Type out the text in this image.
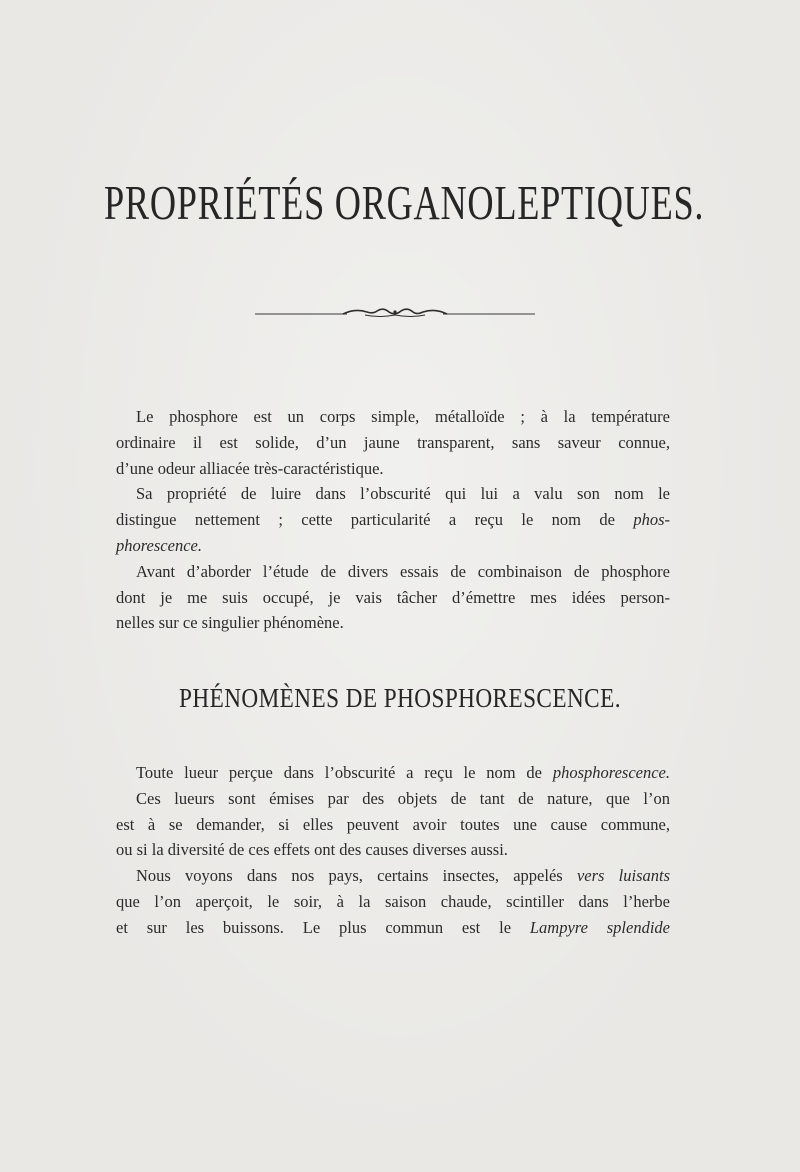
PROPRIÉTÉS ORGANOLEPTIQUES.
Le phosphore est un corps simple, métalloïde ; à la température
ordinaire il est solide, d’un jaune transparent, sans saveur connue,
d’une odeur alliacée très-caractéristique.
Sa propriété de luire dans l’obscurité qui lui a valu son nom le
distingue nettement ; cette particularité a reçu le nom de phos-
phorescence.
Avant d’aborder l’étude de divers essais de combinaison de phosphore
dont je me suis occupé, je vais tâcher d’émettre mes idées person-
nelles sur ce singulier phénomène.
PHÉNOMÈNES DE PHOSPHORESCENCE.
Toute lueur perçue dans l’obscurité a reçu le nom de phosphorescence.
Ces lueurs sont émises par des objets de tant de nature, que l’on
est à se demander, si elles peuvent avoir toutes une cause commune,
ou si la diversité de ces effets ont des causes diverses aussi.
Nous voyons dans nos pays, certains insectes, appelés vers luisants
que l’on aperçoit, le soir, à la saison chaude, scintiller dans l’herbe
et sur les buissons. Le plus commun est le Lampyre splendide
